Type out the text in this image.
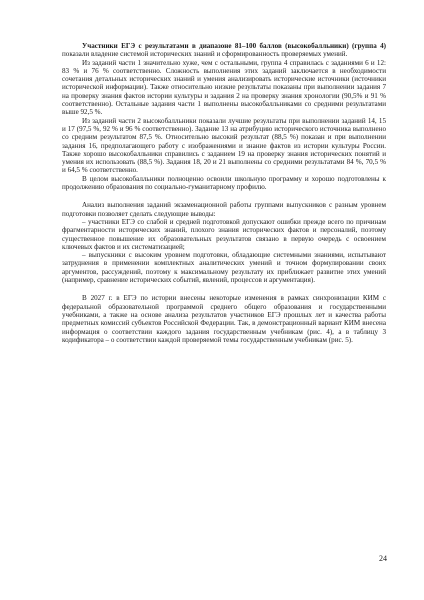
Участники ЕГЭ с результатами в диапазоне 81–100 баллов (высокобалльники) (группа 4) показали владение системой исторических знаний и сформированность проверяемых умений.

Из заданий части 1 значительно хуже, чем с остальными, группа 4 справилась с заданиями 6 и 12: 83 % и 76 % соответственно. Сложность выполнения этих заданий заключается в необходимости сочетания детальных исторических знаний и умения анализировать исторические источники (источники исторической информации). Также относительно низкие результаты показаны при выполнении задания 7 на проверку знания фактов истории культуры и задания 2 на проверку знания хронологии (90,5% и 91 % соответственно). Остальные задания части 1 выполнены высокобалльниками со средними результатами выше 92,5 %.

Из заданий части 2 высокобалльники показали лучшие результаты при выполнении заданий 14, 15 и 17 (97,5 %, 92 % и 96 % соответственно). Задание 13 на атрибуцию исторического источника выполнено со средним результатом 87,5 %. Относительно высокий результат (88,5 %) показан и при выполнении задания 16, предполагающего работу с изображениями и знание фактов из истории культуры России. Также хорошо высокобалльники справились с заданием 19 на проверку знания исторических понятий и умения их использовать (88,5 %). Задания 18, 20 и 21 выполнены со средними результатами 84 %, 70,5 % и 64,5 % соответственно.

В целом высокобалльники полноценно освоили школьную программу и хорошо подготовлены к продолжению образования по социально-гуманитарному профилю.

Анализ выполнения заданий экзаменационной работы группами выпускников с разным уровнем подготовки позволяет сделать следующие выводы:

– участники ЕГЭ со слабой и средней подготовкой допускают ошибки прежде всего по причинам фрагментарности исторических знаний, плохого знания исторических фактов и персоналий, поэтому существенное повышение их образовательных результатов связано в первую очередь с освоением ключевых фактов и их систематизацией;

– выпускники с высоким уровнем подготовки, обладающие системными знаниями, испытывают затруднения в применении комплектных аналитических умений и точном формулировании своих аргументов, рассуждений, поэтому к максимальному результату их приближает развитие этих умений (например, сравнение исторических событий, явлений, процессов и аргументация).

В 2027 г. в ЕГЭ по истории внесены некоторые изменения в рамках синхронизации КИМ с федеральной образовательной программой среднего общего образования и государственными учебниками, а также на основе анализа результатов участников ЕГЭ прошлых лет и качества работы предметных комиссий субъектов Российской Федерации. Так, в демонстрационный вариант КИМ внесена информация о соответствии каждого задания государственным учебникам (рис. 4), а в таблицу 3 кодификатора – о соответствии каждой проверяемой темы государственным учебникам (рис. 5).

24
